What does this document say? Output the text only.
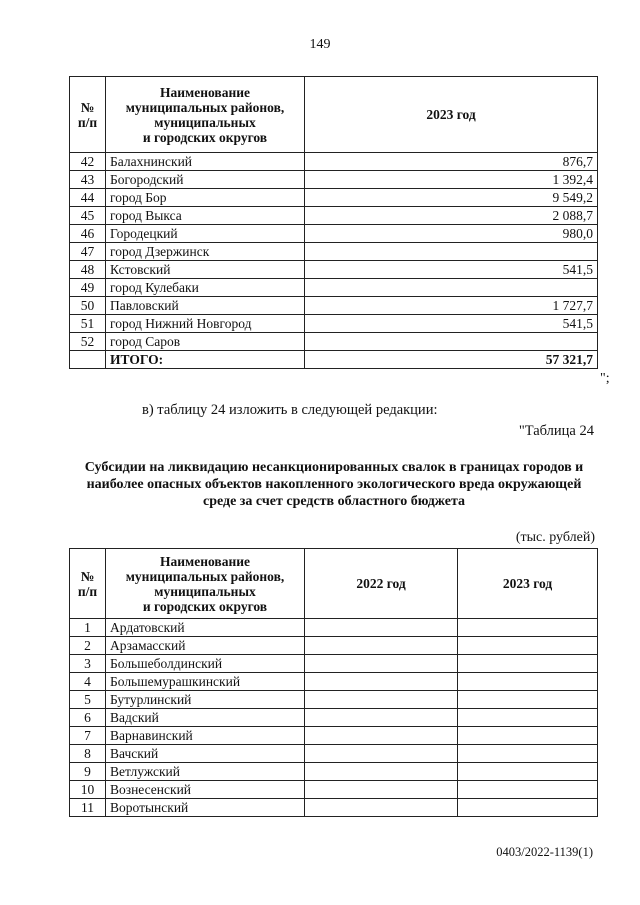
149
№
п/п	Наименование
муниципальных районов,
муниципальных
и городских округов	2023 год
42	Балахнинский	876,7
43	Богородский	1 392,4
44	город Бор	9 549,2
45	город Выкса	2 088,7
46	Городецкий	980,0
47	город Дзержинск	
48	Кстовский	541,5
49	город Кулебаки	
50	Павловский	1 727,7
51	город Нижний Новгород	541,5
52	город Саров	
	ИТОГО:	57 321,7
";
в) таблицу 24 изложить в следующей редакции:
"Таблица 24
Субсидии на ликвидацию несанкционированных свалок в границах городов и наиболее опасных объектов накопленного экологического вреда окружающей среде за счет средств областного бюджета
(тыс. рублей)
№
п/п	Наименование
муниципальных районов,
муниципальных
и городских округов	2022 год	2023 год
1	Ардатовский		
2	Арзамасский		
3	Большеболдинский		
4	Большемурашкинский		
5	Бутурлинский		
6	Вадский		
7	Варнавинский		
8	Вачский		
9	Ветлужский		
10	Вознесенский		
11	Воротынский		
0403/2022-1139(1)
